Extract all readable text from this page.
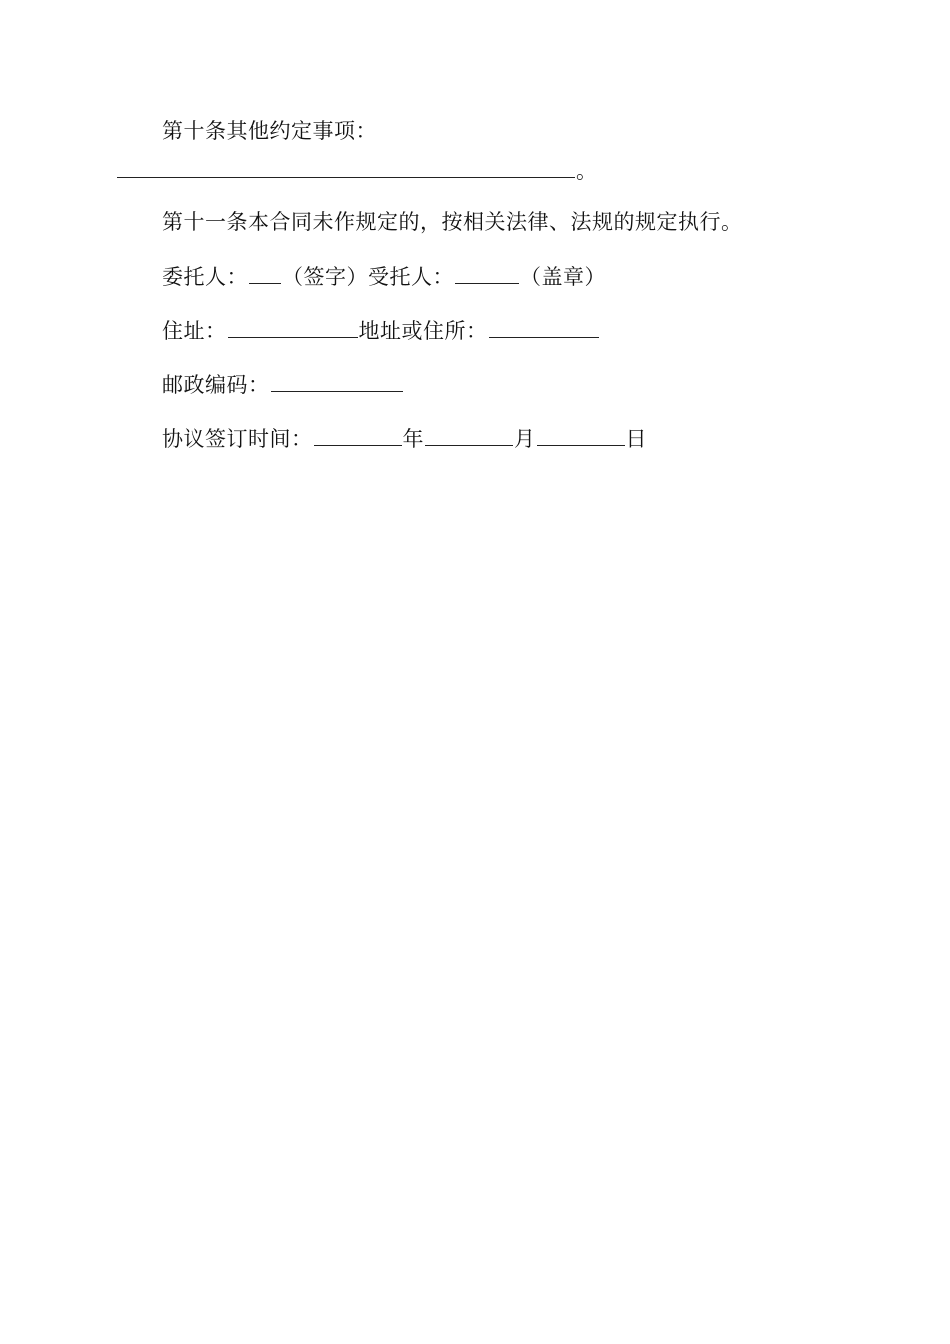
第十条其他约定事项：
。
第十一条本合同未作规定的，按相关法律、法规的规定执行。
委托人： （签字）受托人：	（盖章）
住址：	地址或住所：
邮政编码：
协议签订时间：	年	月	日
